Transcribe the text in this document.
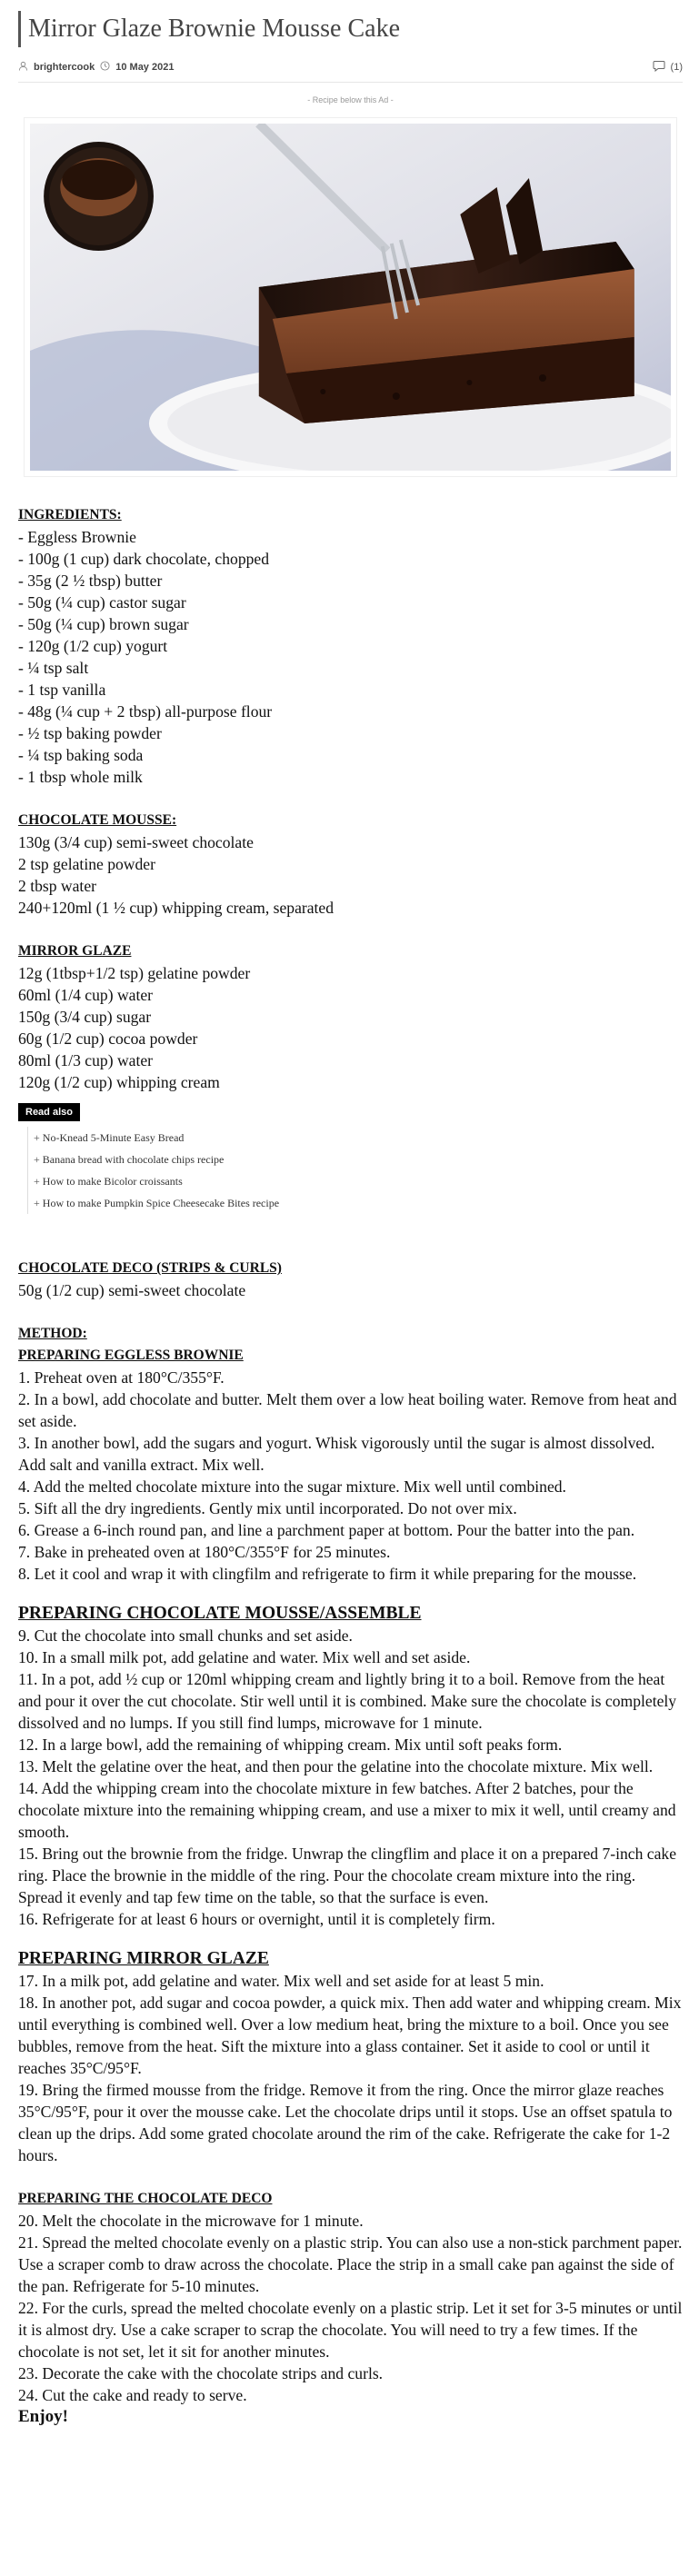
Mirror Glaze Brownie Mousse Cake
brightercook 10 May 2021	(1)
- Recipe below this Ad -

INGREDIENTS:

- Eggless Brownie

- 100g (1 cup) dark chocolate, chopped

- 35g (2 ½ tbsp) butter

- 50g (¼ cup) castor sugar

- 50g (¼ cup) brown sugar

- 120g (1/2 cup) yogurt

- ¼ tsp salt

- 1 tsp vanilla

- 48g (¼ cup + 2 tbsp) all-purpose flour

- ½ tsp baking powder

- ¼ tsp baking soda

- 1 tbsp whole milk

CHOCOLATE MOUSSE:

130g (3/4 cup) semi-sweet chocolate

2 tsp gelatine powder

2 tbsp water

240+120ml (1 ½ cup) whipping cream, separated

MIRROR GLAZE

12g (1tbsp+1/2 tsp) gelatine powder

60ml (1/4 cup) water

150g (3/4 cup) sugar

60g (1/2 cup) cocoa powder

80ml (1/3 cup) water

120g (1/2 cup) whipping cream

Read also
+ No-Knead 5-Minute Easy Bread
+ Banana bread with chocolate chips recipe
+ How to make Bicolor croissants
+ How to make Pumpkin Spice Cheesecake Bites recipe

CHOCOLATE DECO (STRIPS & CURLS)

50g (1/2 cup) semi-sweet chocolate

METHOD:

PREPARING EGGLESS BROWNIE

1. Preheat oven at 180°C/355°F.

2. In a bowl, add chocolate and butter. Melt them over a low heat boiling water. Remove from heat and set aside.

3. In another bowl, add the sugars and yogurt. Whisk vigorously until the sugar is almost dissolved. Add salt and vanilla extract. Mix well.

4. Add the melted chocolate mixture into the sugar mixture. Mix well until combined.

5. Sift all the dry ingredients. Gently mix until incorporated. Do not over mix.

6. Grease a 6-inch round pan, and line a parchment paper at bottom. Pour the batter into the pan.

7. Bake in preheated oven at 180°C/355°F for 25 minutes.

8. Let it cool and wrap it with clingfilm and refrigerate to firm it while preparing for the mousse.

PREPARING CHOCOLATE MOUSSE/ASSEMBLE

9. Cut the chocolate into small chunks and set aside.

10. In a small milk pot, add gelatine and water. Mix well and set aside.

11. In a pot, add ½ cup or 120ml whipping cream and lightly bring it to a boil. Remove from the heat and pour it over the cut chocolate. Stir well until it is combined. Make sure the chocolate is completely dissolved and no lumps. If you still find lumps, microwave for 1 minute.

12. In a large bowl, add the remaining of whipping cream. Mix until soft peaks form.

13. Melt the gelatine over the heat, and then pour the gelatine into the chocolate mixture. Mix well.

14. Add the whipping cream into the chocolate mixture in few batches. After 2 batches, pour the chocolate mixture into the remaining whipping cream, and use a mixer to mix it well, until creamy and smooth.

15. Bring out the brownie from the fridge. Unwrap the clingflim and place it on a prepared 7-inch cake ring. Place the brownie in the middle of the ring. Pour the chocolate cream mixture into the ring. Spread it evenly and tap few time on the table, so that the surface is even.

16. Refrigerate for at least 6 hours or overnight, until it is completely firm.

PREPARING MIRROR GLAZE

17. In a milk pot, add gelatine and water. Mix well and set aside for at least 5 min.

18. In another pot, add sugar and cocoa powder, a quick mix. Then add water and whipping cream. Mix until everything is combined well. Over a low medium heat, bring the mixture to a boil. Once you see bubbles, remove from the heat. Sift the mixture into a glass container. Set it aside to cool or until it reaches 35°C/95°F.

19. Bring the firmed mousse from the fridge. Remove it from the ring. Once the mirror glaze reaches 35°C/95°F, pour it over the mousse cake. Let the chocolate drips until it stops. Use an offset spatula to clean up the drips. Add some grated chocolate around the rim of the cake. Refrigerate the cake for 1-2 hours.

PREPARING THE CHOCOLATE DECO

20. Melt the chocolate in the microwave for 1 minute.

21. Spread the melted chocolate evenly on a plastic strip. You can also use a non-stick parchment paper. Use a scraper comb to draw across the chocolate. Place the strip in a small cake pan against the side of the pan. Refrigerate for 5-10 minutes.

22. For the curls, spread the melted chocolate evenly on a plastic strip. Let it set for 3-5 minutes or until it is almost dry. Use a cake scraper to scrap the chocolate. You will need to try a few times. If the chocolate is not set, let it sit for another minutes.

23. Decorate the cake with the chocolate strips and curls.

24. Cut the cake and ready to serve.

Enjoy!
